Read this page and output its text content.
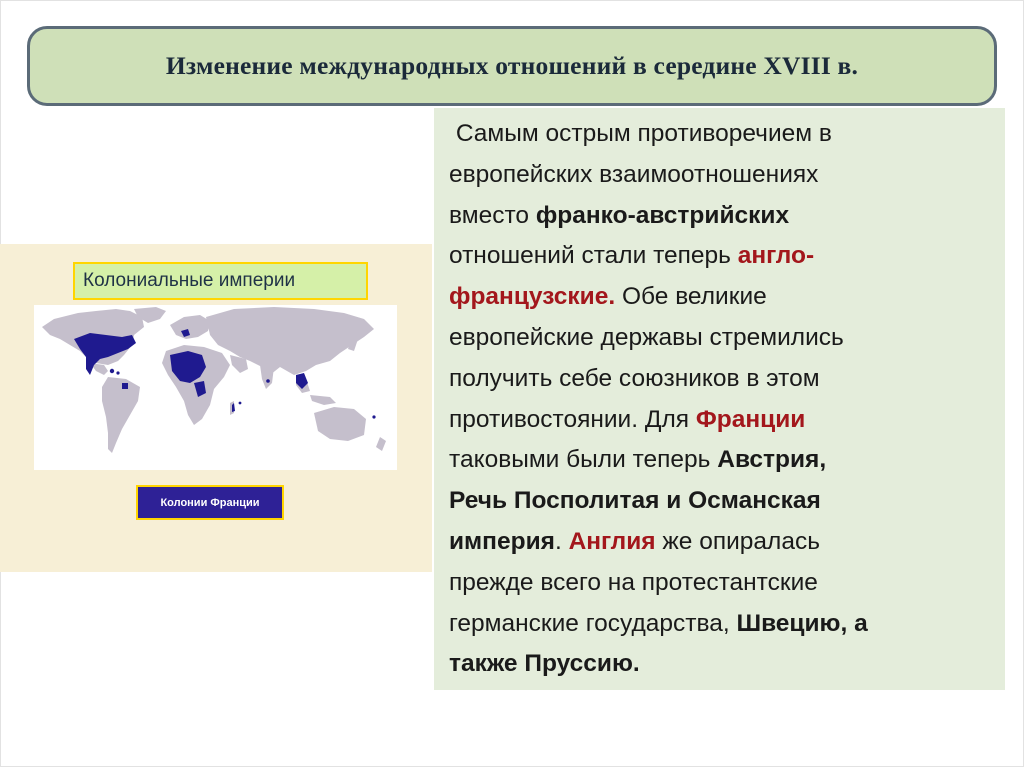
Изменение международных отношений в середине XVIII в.
Самым острым противоречием в
европейских взаимоотношениях
вместо франко-австрийских
отношений стали теперь англо-
французские. Обе великие
европейские державы стремились
получить себе союзников в этом
противостоянии. Для Франции
таковыми были теперь Австрия,
Речь Посполитая и Османская
империя. Англия же опиралась
прежде всего на протестантские
германские государства, Швецию, а
также Пруссию.
Колониальные империи
Колонии Франции
